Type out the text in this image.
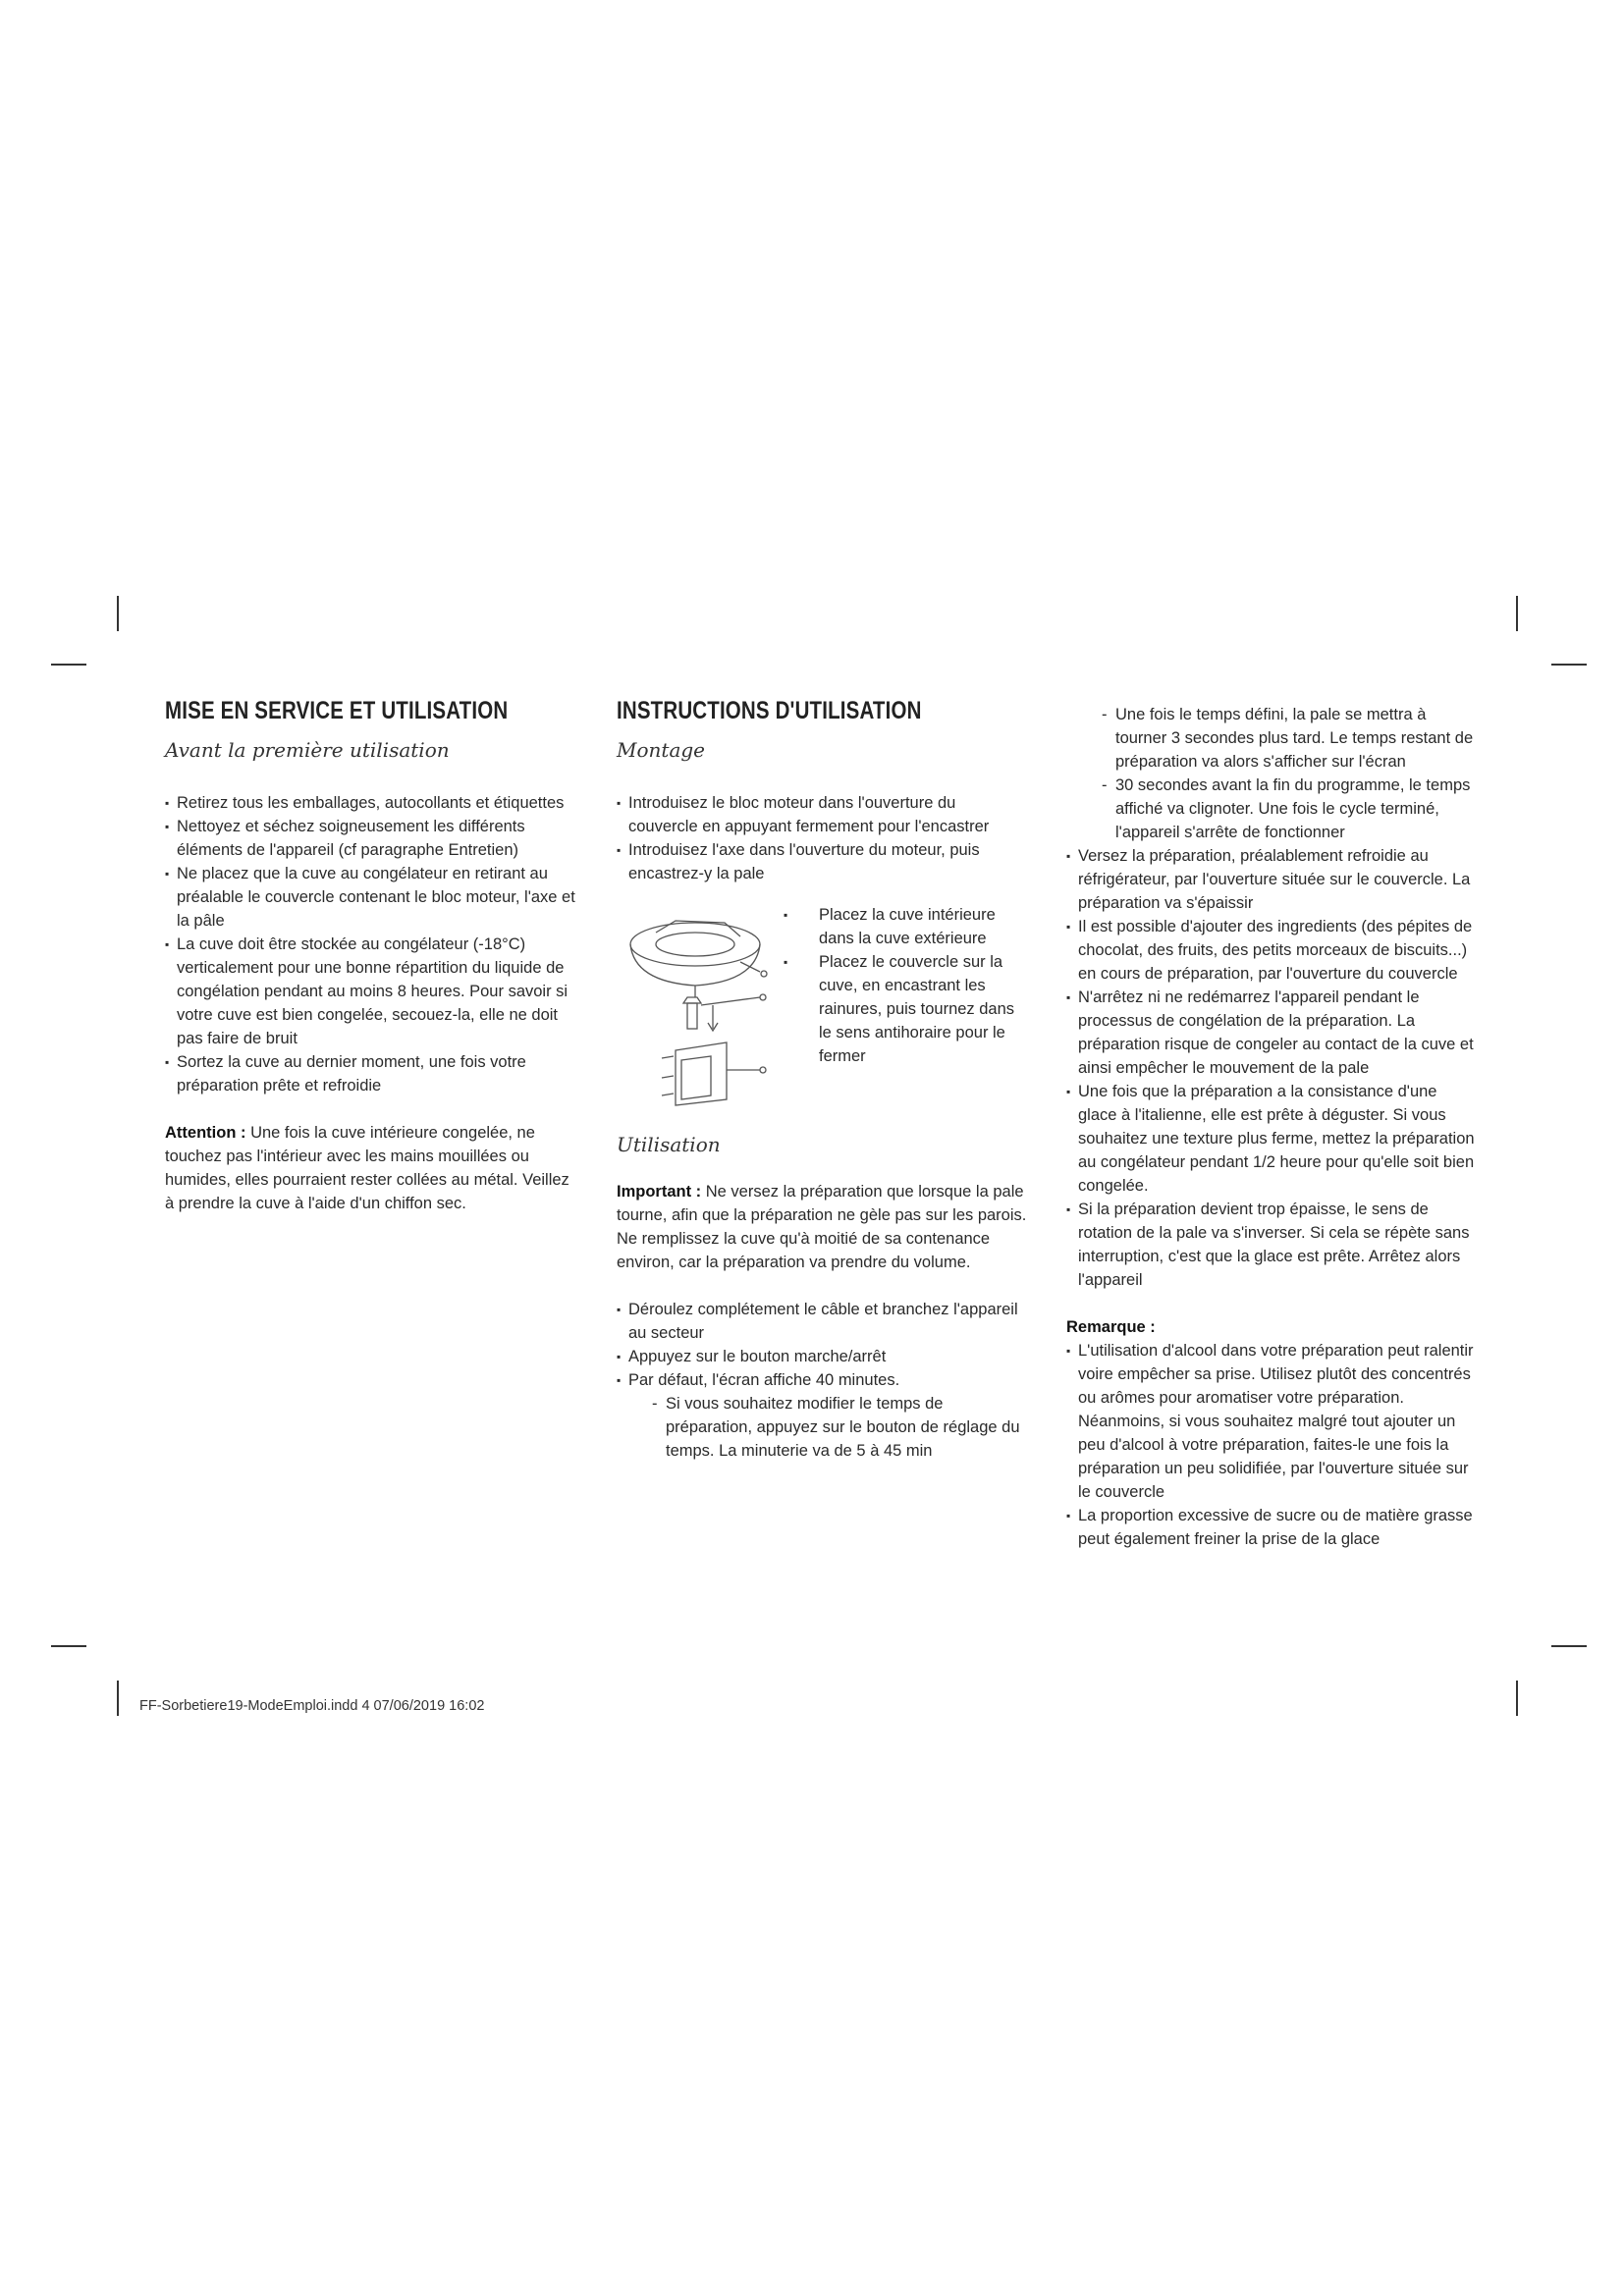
MISE EN SERVICE ET UTILISATION
Avant la première utilisation
▪ Retirez tous les emballages, autocollants et étiquettes
▪ Nettoyez et séchez soigneusement les différents éléments de l'appareil (cf paragraphe Entretien)
▪ Ne placez que la cuve au congélateur en retirant au préalable le couvercle contenant le bloc moteur, l'axe et la pâle
▪ La cuve doit être stockée au congélateur (-18°C) verticalement pour une bonne répartition du liquide de congélation pendant au moins 8 heures. Pour savoir si votre cuve est bien congelée, secouez-la, elle ne doit pas faire de bruit
▪ Sortez la cuve au dernier moment, une fois votre préparation prête et refroidie

Attention : Une fois la cuve intérieure congelée, ne touchez pas l'intérieur avec les mains mouillées ou humides, elles pourraient rester collées au métal. Veillez à prendre la cuve à l'aide d'un chiffon sec.

INSTRUCTIONS D'UTILISATION
Montage
▪ Introduisez le bloc moteur dans l'ouverture du couvercle en appuyant fermement pour l'encastrer
▪ Introduisez l'axe dans l'ouverture du moteur, puis encastrez-y la pale
▪ Placez la cuve intérieure dans la cuve extérieure
▪ Placez le couvercle sur la cuve, en encastrant les rainures, puis tournez dans le sens antihoraire pour le fermer
Utilisation

Important : Ne versez la préparation que lorsque la pale tourne, afin que la préparation ne gèle pas sur les parois. Ne remplissez la cuve qu'à moitié de sa contenance environ, car la préparation va prendre du volume.

▪ Déroulez complétement le câble et branchez l'appareil au secteur
▪ Appuyez sur le bouton marche/arrêt
▪ Par défaut, l'écran affiche 40 minutes.
- Si vous souhaitez modifier le temps de préparation, appuyez sur le bouton de réglage du temps. La minuterie va de 5 à 45 min
- Une fois le temps défini, la pale se mettra à tourner 3 secondes plus tard. Le temps restant de préparation va alors s'afficher sur l'écran
- 30 secondes avant la fin du programme, le temps affiché va clignoter. Une fois le cycle terminé, l'appareil s'arrête de fonctionner
▪ Versez la préparation, préalablement refroidie au réfrigérateur, par l'ouverture située sur le couvercle. La préparation va s'épaissir
▪ Il est possible d'ajouter des ingredients (des pépites de chocolat, des fruits, des petits morceaux de biscuits...) en cours de préparation, par l'ouverture du couvercle
▪ N'arrêtez ni ne redémarrez l'appareil pendant le processus de congélation de la préparation. La préparation risque de congeler au contact de la cuve et ainsi empêcher le mouvement de la pale
▪ Une fois que la préparation a la consistance d'une glace à l'italienne, elle est prête à déguster. Si vous souhaitez une texture plus ferme, mettez la préparation au congélateur pendant 1/2 heure pour qu'elle soit bien congelée.
▪ Si la préparation devient trop épaisse, le sens de rotation de la pale va s'inverser. Si cela se répète sans interruption, c'est que la glace est prête. Arrêtez alors l'appareil

Remarque :

▪ L'utilisation d'alcool dans votre préparation peut ralentir voire empêcher sa prise. Utilisez plutôt des concentrés ou arômes pour aromatiser votre préparation. Néanmoins, si vous souhaitez malgré tout ajouter un peu d'alcool à votre préparation, faites-le une fois la préparation un peu solidifiée, par l'ouverture située sur le couvercle
▪ La proportion excessive de sucre ou de matière grasse peut également freiner la prise de la glace
FF-Sorbetiere19-ModeEmploi.indd 4 07/06/2019 16:02
